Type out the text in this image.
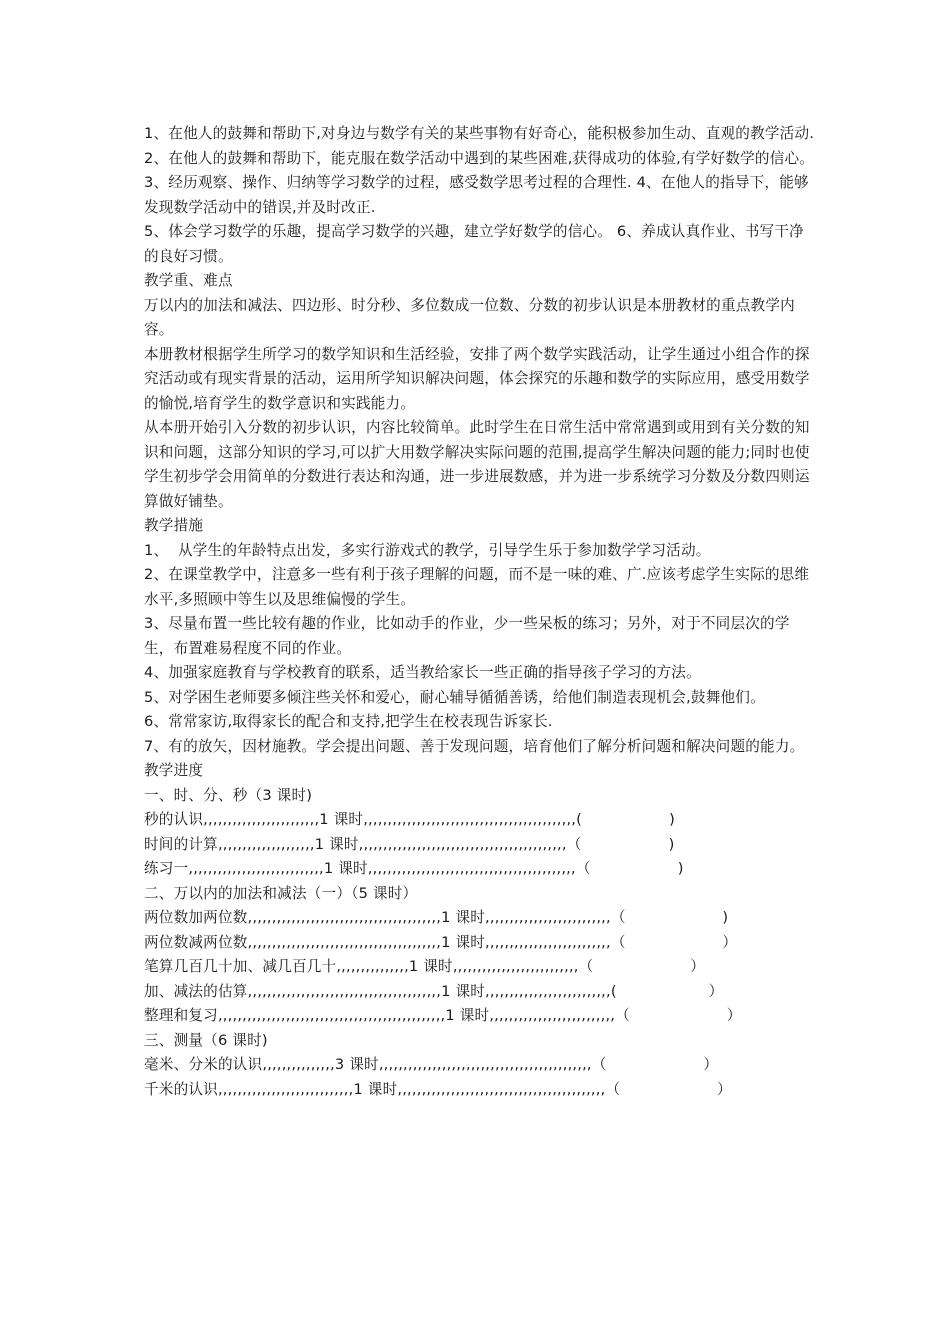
1、在他人的鼓舞和帮助下,对身边与数学有关的某些事物有好奇心，能积极参加生动、直观的教学活动.

2、在他人的鼓舞和帮助下，能克服在数学活动中遇到的某些困难,获得成功的体验,有学好数学的信心。

3、经历观察、操作、归纳等学习数学的过程，感受数学思考过程的合理性. 4、在他人的指导下，能够发现数学活动中的错误,并及时改正.

5、体会学习数学的乐趣，提高学习数学的兴趣，建立学好数学的信心。 6、养成认真作业、书写干净的良好习惯。

教学重、难点

万以内的加法和减法、四边形、时分秒、多位数成一位数、分数的初步认识是本册教材的重点教学内容。

本册教材根据学生所学习的数学知识和生活经验，安排了两个数学实践活动，让学生通过小组合作的探究活动或有现实背景的活动，运用所学知识解决问题，体会探究的乐趣和数学的实际应用，感受用数学的愉悦,培育学生的数学意识和实践能力。

从本册开始引入分数的初步认识，内容比较简单。此时学生在日常生活中常常遇到或用到有关分数的知识和问题，这部分知识的学习,可以扩大用数学解决实际问题的范围,提高学生解决问题的能力;同时也使学生初步学会用简单的分数进行表达和沟通，进一步进展数感，并为进一步系统学习分数及分数四则运算做好铺垫。

教学措施

1、  从学生的年龄特点出发，多实行游戏式的教学，引导学生乐于参加数学学习活动。

2、在课堂教学中，注意多一些有利于孩子理解的问题，而不是一味的难、广.应该考虑学生实际的思维水平,多照顾中等生以及思维偏慢的学生。

3、尽量布置一些比较有趣的作业，比如动手的作业，少一些呆板的练习；另外，对于不同层次的学生，布置难易程度不同的作业。

4、加强家庭教育与学校教育的联系，适当教给家长一些正确的指导孩子学习的方法。

5、对学困生老师要多倾注些关怀和爱心，耐心辅导循循善诱，给他们制造表现机会,鼓舞他们。

6、常常家访,取得家长的配合和支持,把学生在校表现告诉家长.

7、有的放矢，因材施教。学会提出问题、善于发现问题，培育他们了解分析问题和解决问题的能力。

教学进度

一、时、分、秒（3 课时)

秒的认识,,,,,,,,,,,,,,,,,,,,,,,,1 课时,,,,,,,,,,,,,,,,,,,,,,,,,,,,,,,,,,,,,,,,,,,,(                  )

时间的计算,,,,,,,,,,,,,,,,,,,,1 课时,,,,,,,,,,,,,,,,,,,,,,,,,,,,,,,,,,,,,,,,,,,（                  )

练习一,,,,,,,,,,,,,,,,,,,,,,,,,,,,1 课时,,,,,,,,,,,,,,,,,,,,,,,,,,,,,,,,,,,,,,,,,,,（                  )

二、万以内的加法和减法（一）（5 课时）

两位数加两位数,,,,,,,,,,,,,,,,,,,,,,,,,,,,,,,,,,,,,,,,1 课时,,,,,,,,,,,,,,,,,,,,,,,,,,（                    )

两位数减两位数,,,,,,,,,,,,,,,,,,,,,,,,,,,,,,,,,,,,,,,,1 课时,,,,,,,,,,,,,,,,,,,,,,,,,,（                    ）

笔算几百几十加、减几百几十,,,,,,,,,,,,,,,1 课时,,,,,,,,,,,,,,,,,,,,,,,,,,（                    ）

加、减法的估算,,,,,,,,,,,,,,,,,,,,,,,,,,,,,,,,,,,,,,,,1 课时,,,,,,,,,,,,,,,,,,,,,,,,,,(                   ）

整理和复习,,,,,,,,,,,,,,,,,,,,,,,,,,,,,,,,,,,,,,,,,,,,,,,1 课时,,,,,,,,,,,,,,,,,,,,,,,,,,（                    ）

三、测量（6 课时)

毫米、分米的认识,,,,,,,,,,,,,,,3 课时,,,,,,,,,,,,,,,,,,,,,,,,,,,,,,,,,,,,,,,,,,,,（                    ）

千米的认识,,,,,,,,,,,,,,,,,,,,,,,,,,,,1 课时,,,,,,,,,,,,,,,,,,,,,,,,,,,,,,,,,,,,,,,,,,,（                    ）
